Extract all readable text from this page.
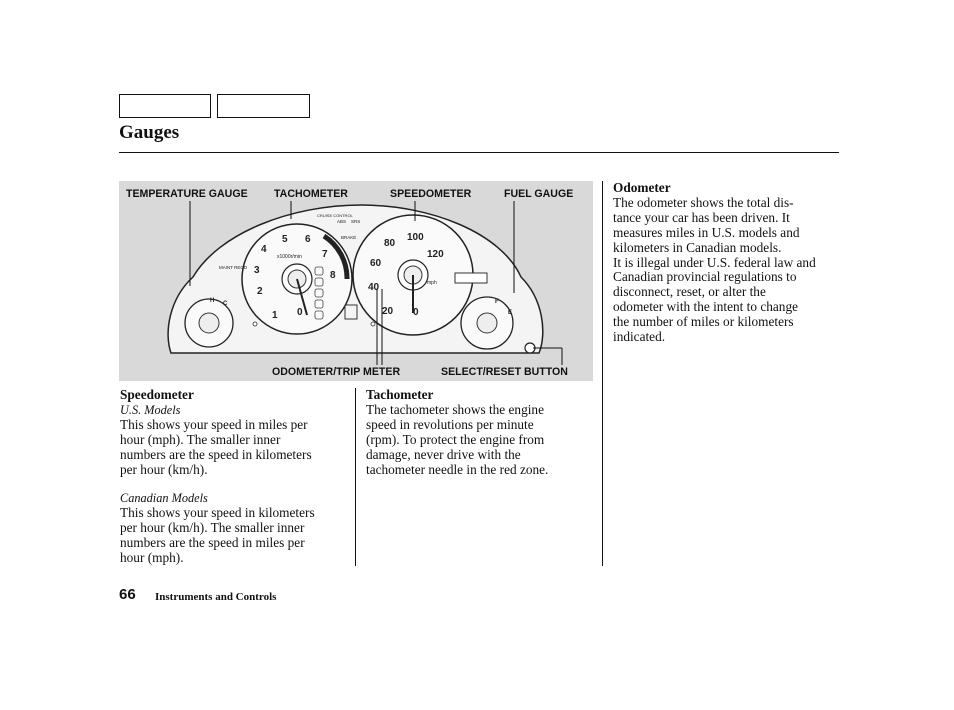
Gauges
1
2
3
4
5 6
7
8
0
x1000r/min
CRUISE CONTROL
ABS SRS
BRAKE
20
40
60
80
100
120
0
mph
H C
MAINT REQD
F
E
TEMPERATURE GAUGE TACHOMETER	SPEEDOMETER	FUEL GAUGE
ODOMETER/TRIP METER	SELECT/RESET BUTTON
Speedometer

U.S. Models

This shows your speed in miles per

hour (mph). The smaller inner

numbers are the speed in kilometers

per hour (km/h).

Canadian Models

This shows your speed in kilometers

per hour (km/h). The smaller inner

numbers are the speed in miles per

hour (mph).

Tachometer

The tachometer shows the engine

speed in revolutions per minute

(rpm). To protect the engine from

damage, never drive with the

tachometer needle in the red zone.

Odometer

The odometer shows the total dis-

tance your car has been driven. It

measures miles in U.S. models and

kilometers in Canadian models.

It is illegal under U.S. federal law and

Canadian provincial regulations to

disconnect, reset, or alter the

odometer with the intent to change

the number of miles or kilometers

indicated.

66 Instruments and Controls
